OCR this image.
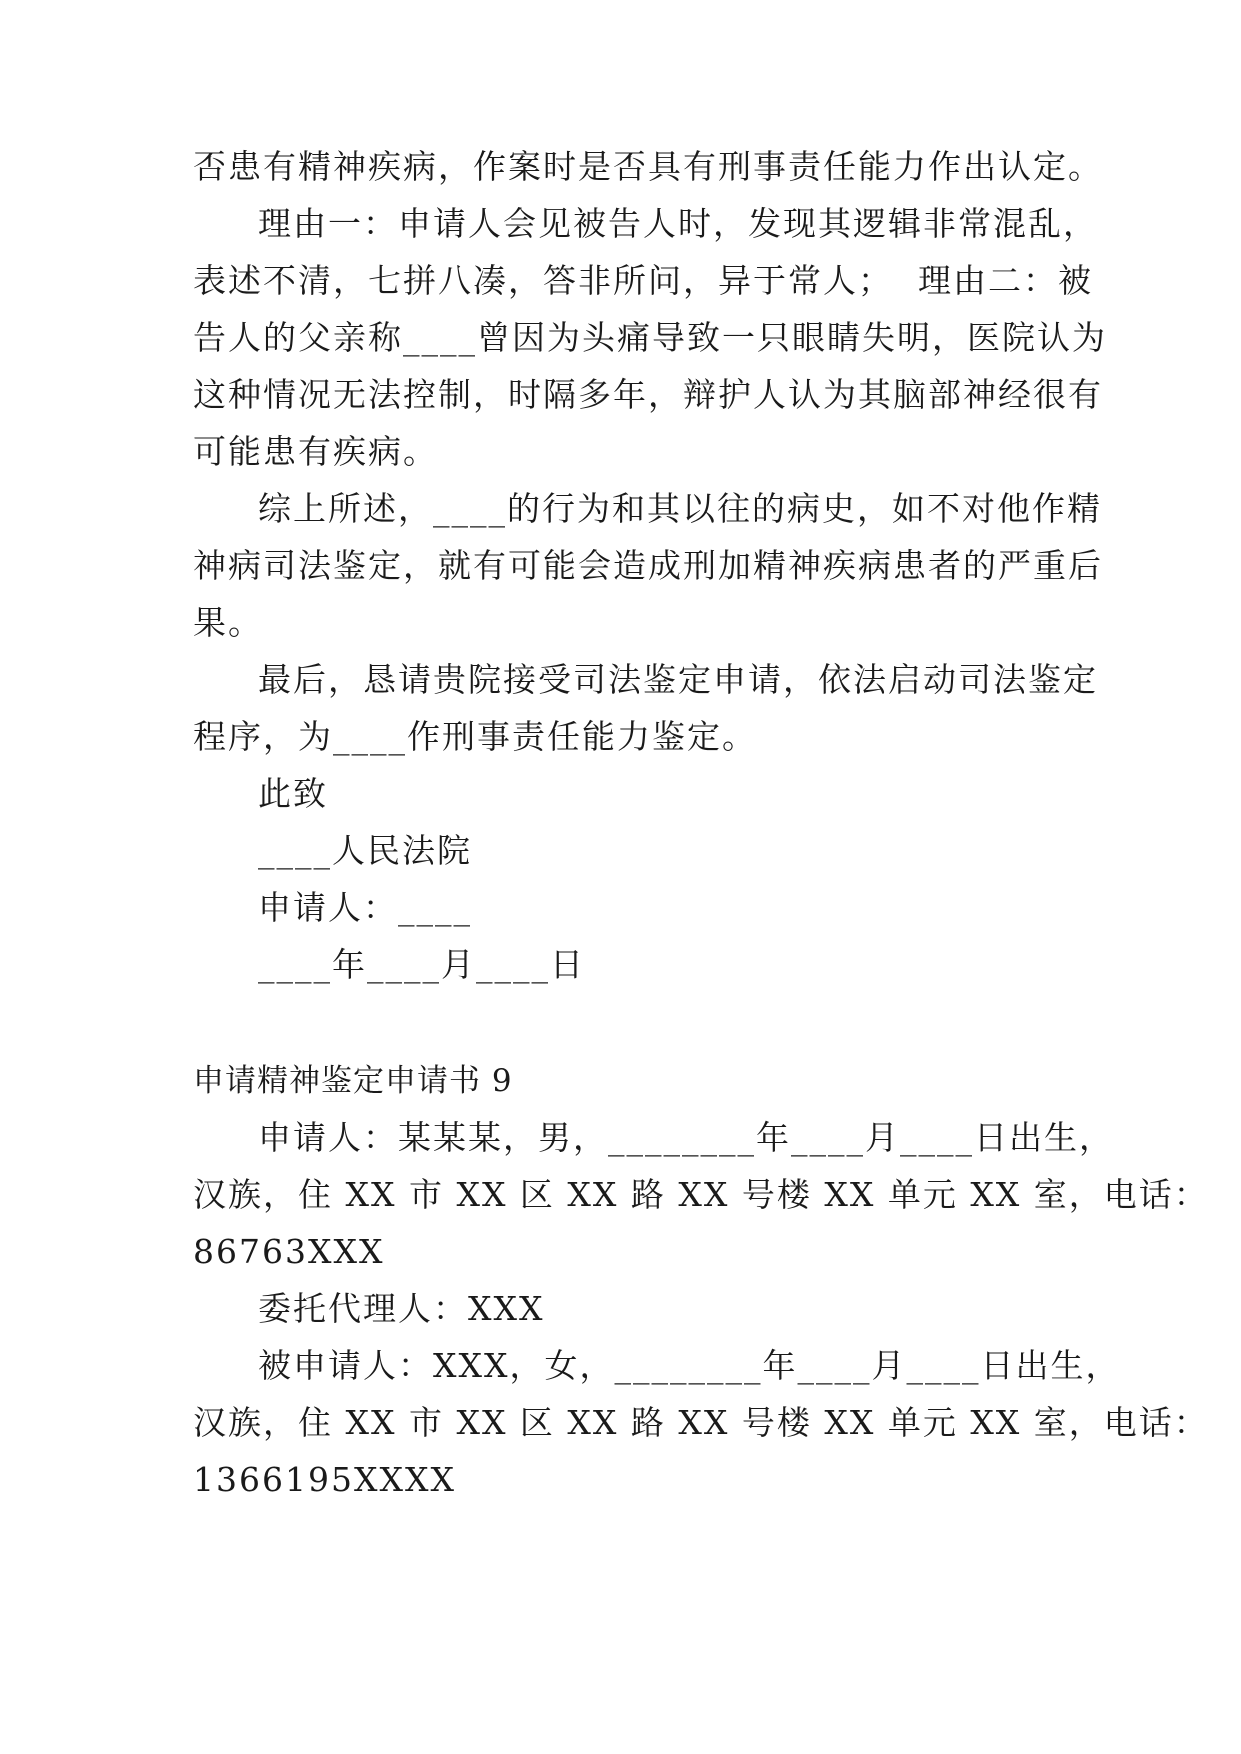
否患有精神疾病，作案时是否具有刑事责任能力作出认定。
理由一：申请人会见被告人时，发现其逻辑非常混乱，
表述不清，七拼八凑，答非所问，异于常人；  理由二：被
告人的父亲称____曾因为头痛导致一只眼睛失明，医院认为
这种情况无法控制，时隔多年，辩护人认为其脑部神经很有
可能患有疾病。
综上所述，____的行为和其以往的病史，如不对他作精
神病司法鉴定，就有可能会造成刑加精神疾病患者的严重后
果。
最后，恳请贵院接受司法鉴定申请，依法启动司法鉴定
程序，为____作刑事责任能力鉴定。
此致
____人民法院
申请人：____
____年____月____日
申请精神鉴定申请书 9
申请人：某某某，男，________年____月____日出生，
汉族，住 XX 市 XX 区 XX 路 XX 号楼 XX 单元 XX 室，电话：
86763XXX
委托代理人：XXX
被申请人：XXX，女，________年____月____日出生，
汉族，住 XX 市 XX 区 XX 路 XX 号楼 XX 单元 XX 室，电话：
1366195XXXX
